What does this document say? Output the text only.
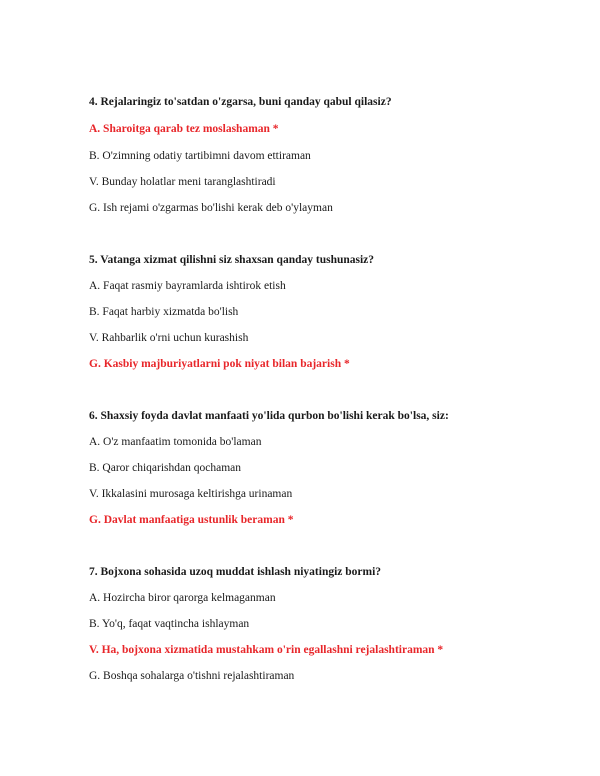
4. Rejalaringiz to'satdan o'zgarsa, buni qanday qabul qilasiz?
A. Sharoitga qarab tez moslashaman *
B. O'zimning odatiy tartibimni davom ettiraman
V. Bunday holatlar meni taranglashtiradi
G. Ish rejami o'zgarmas bo'lishi kerak deb o'ylayman
5. Vatanga xizmat qilishni siz shaxsan qanday tushunasiz?
A. Faqat rasmiy bayramlarda ishtirok etish
B. Faqat harbiy xizmatda bo'lish
V. Rahbarlik o'rni uchun kurashish
G. Kasbiy majburiyatlarni pok niyat bilan bajarish *
6. Shaxsiy foyda davlat manfaati yo'lida qurbon bo'lishi kerak bo'lsa, siz:
A. O'z manfaatim tomonida bo'laman
B. Qaror chiqarishdan qochaman
V. Ikkalasini murosaga keltirishga urinaman
G. Davlat manfaatiga ustunlik beraman *
7. Bojxona sohasida uzoq muddat ishlash niyatingiz bormi?
A. Hozircha biror qarorga kelmaganman
B. Yo'q, faqat vaqtincha ishlayman
V. Ha, bojxona xizmatida mustahkam o'rin egallashni rejalashtiraman *
G. Boshqa sohalarga o'tishni rejalashtiraman
